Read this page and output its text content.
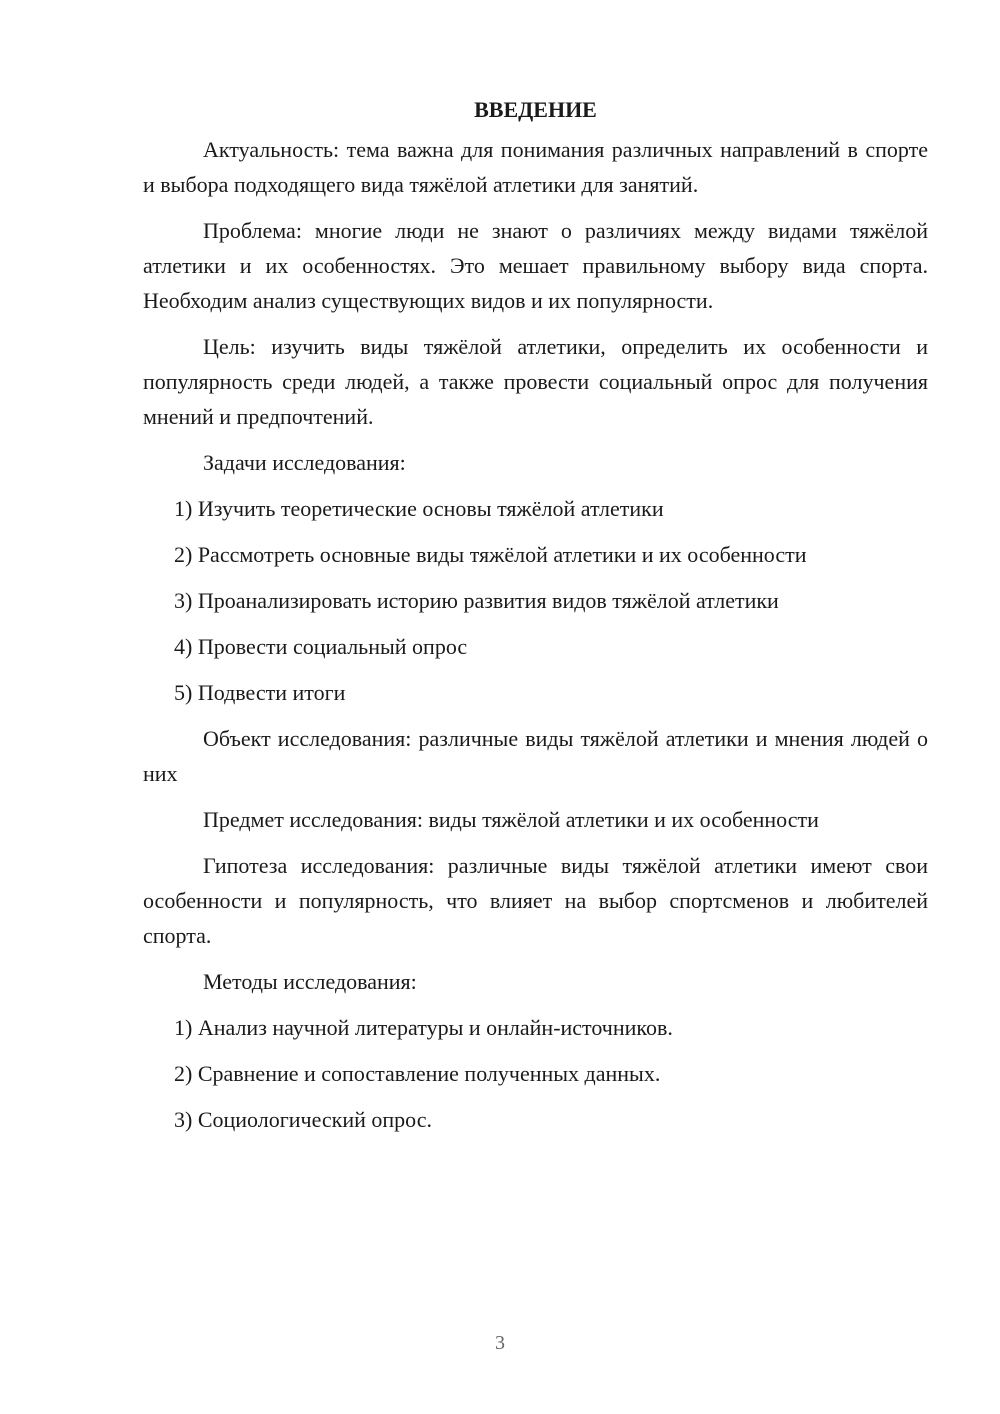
ВВЕДЕНИЕ

Актуальность: тема важна для понимания различных направлений в спорте и выбора подходящего вида тяжёлой атлетики для занятий.

Проблема: многие люди не знают о различиях между видами тяжёлой атлетики и их особенностях. Это мешает правильному выбору вида спорта. Необходим анализ существующих видов и их популярности.

Цель: изучить виды тяжёлой атлетики, определить их особенности и популярность среди людей, а также провести социальный опрос для получения мнений и предпочтений.

Задачи исследования:

1) Изучить теоретические основы тяжёлой атлетики

2) Рассмотреть основные виды тяжёлой атлетики и их особенности

3) Проанализировать историю развития видов тяжёлой атлетики

4) Провести социальный опрос

5) Подвести итоги

Объект исследования: различные виды тяжёлой атлетики и мнения людей о них

Предмет исследования: виды тяжёлой атлетики и их особенности

Гипотеза исследования: различные виды тяжёлой атлетики имеют свои особенности и популярность, что влияет на выбор спортсменов и любителей спорта.

Методы исследования:

1) Анализ научной литературы и онлайн-источников.

2) Сравнение и сопоставление полученных данных.

3) Социологический опрос.

3
